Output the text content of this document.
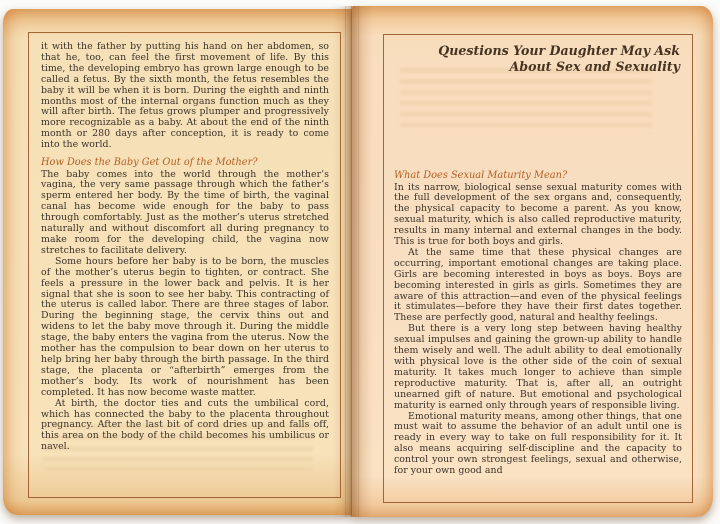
it with the father by putting his hand on her abdomen, so that he, too, can feel the first movement of life. By this time, the developing embryo has grown large enough to be called a fetus. By the sixth month, the fetus resembles the baby it will be when it is born. During the eighth and ninth months most of the internal organs function much as they will after birth. The fetus grows plumper and progressively more recognizable as a baby. At about the end of the ninth month or 280 days after conception, it is ready to come into the world.

How Does the Baby Get Out of the Mother?

The baby comes into the world through the mother’s vagina, the very same passage through which the father’s sperm entered her body. By the time of birth, the vaginal canal has become wide enough for the baby to pass through comfortably. Just as the mother’s uterus stretched naturally and without discomfort all during pregnancy to make room for the developing child, the vagina now stretches to facilitate delivery.

Some hours before her baby is to be born, the muscles of the mother’s uterus begin to tighten, or contract. She feels a pressure in the lower back and pelvis. It is her signal that she is soon to see her baby. This contracting of the uterus is called labor. There are three stages of labor. During the beginning stage, the cervix thins out and widens to let the baby move through it. During the middle stage, the baby enters the vagina from the uterus. Now the mother has the compulsion to bear down on her uterus to help bring her baby through the birth passage. In the third stage, the placenta or “afterbirth” emerges from the mother’s body. Its work of nourishment has been completed. It has now become waste matter.

At birth, the doctor ties and cuts the umbilical cord, which has connected the baby to the placenta throughout pregnancy. After the last bit of cord dries up and falls off, this area on the body of the child becomes his umbilicus or navel.

Questions Your Daughter May Ask
About Sex and Sexuality
What Does Sexual Maturity Mean?

In its narrow, biological sense sexual maturity comes with the full development of the sex organs and, consequently, the physical capacity to become a parent. As you know, sexual maturity, which is also called reproductive maturity, results in many internal and external changes in the body. This is true for both boys and girls.

At the same time that these physical changes are occurring, important emotional changes are taking place. Girls are becoming interested in boys as boys. Boys are becoming interested in girls as girls. Sometimes they are aware of this attraction—and even of the physical feelings it stimulates—before they have their first dates together. These are perfectly good, natural and healthy feelings.

But there is a very long step between having healthy sexual impulses and gaining the grown-up ability to handle them wisely and well. The adult ability to deal emotionally with physical love is the other side of the coin of sexual maturity. It takes much longer to achieve than simple reproductive maturity. That is, after all, an outright unearned gift of nature. But emotional and psychological maturity is earned only through years of responsible living.

Emotional maturity means, among other things, that one must wait to assume the behavior of an adult until one is ready in every way to take on full responsibility for it. It also means acquiring self-discipline and the capacity to control your own strongest feelings, sexual and otherwise, for your own good and
